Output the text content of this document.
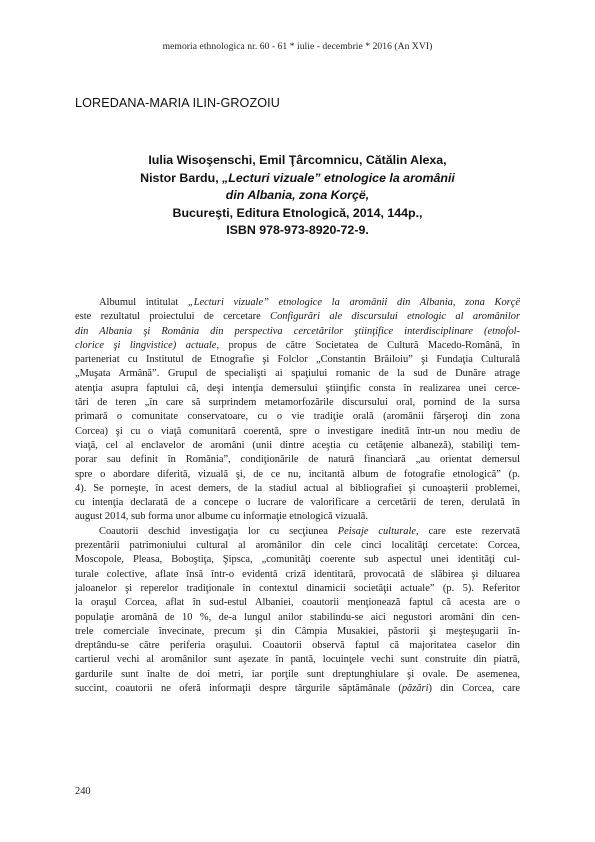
memoria ethnologica nr. 60 - 61 * iulie - decembrie * 2016 (An XVI)
LOREDANA-MARIA ILIN-GROZOIU
Iulia Wisoşenschi, Emil Ţârcomnicu, Cătălin Alexa,
Nistor Bardu, „Lecturi vizuale” etnologice la aromânii
din Albania, zona Korçë,
Bucureşti, Editura Etnologică, 2014, 144p.,
ISBN 978-973-8920-72-9.
Albumul intitulat „Lecturi vizuale” etnologice la aromânii din Albania, zona Korçë
este rezultatul proiectului de cercetare Configurări ale discursului etnologic al aromânilor
din Albania şi România din perspectiva cercetărilor ştiinţifice interdisciplinare (etnofol-
clorice şi lingvistice) actuale, propus de către Societatea de Cultură Macedo-Română, în
parteneriat cu Institutul de Etnografie şi Folclor „Constantin Brăiloiu” şi Fundaţia Culturală
„Muşata Armână”. Grupul de specialişti ai spaţiului romanic de la sud de Dunăre atrage
atenţia asupra faptului că, deşi intenţia demersului ştiinţific consta în realizarea unei cerce-
tări de teren „în care să surprindem metamorfozările discursului oral, pornind de la sursa
primară o comunitate conservatoare, cu o vie tradiţie orală (aromânii fărşeroţi din zona
Corcea) şi cu o viaţă comunitară coerentă, spre o investigare inedită într-un nou mediu de
viaţă, cel al enclavelor de aromâni (unii dintre aceştia cu cetăţenie albaneză), stabiliţi tem-
porar sau definit în România”, condiţionările de natură financiară „au orientat demersul
spre o abordare diferită, vizuală şi, de ce nu, incitantă album de fotografie etnologică” (p.
4). Se porneşte, în acest demers, de la stadiul actual al bibliografiei şi cunoaşterii problemei,
cu intenţia declarată de a concepe o lucrare de valorificare a cercetării de teren, derulată în
august 2014, sub forma unor albume cu informaţie etnologică vizuală.
Coautorii deschid investigaţia lor cu secţiunea Peisaje culturale, care este rezervată
prezentării patrimoniului cultural al aromânilor din cele cinci localităţi cercetate: Corcea,
Moscopole, Pleasa, Boboştiţa, Şipsca, „comunităţi coerente sub aspectul unei identităţi cul-
turale colective, aflate însă într-o evidentă criză identitară, provocată de slăbirea şi diluarea
jaloanelor şi reperelor tradiţionale în contextul dinamicii societăţii actuale” (p. 5). Referitor
la oraşul Corcea, aflat în sud-estul Albaniei, coautorii menţionează faptul că acesta are o
populaţie aromână de 10 %, de-a lungul anilor stabilindu-se aici negustori aromâni din cen-
trele comerciale învecinate, precum şi din Câmpia Musakiei, păstorii şi meşteşugarii în-
dreptându-se către periferia oraşului. Coautorii observă faptul că majoritatea caselor din
cartierul vechi al aromânilor sunt aşezate în pantă, locuinţele vechi sunt construite din piatră,
gardurile sunt înalte de doi metri, iar porţile sunt dreptunghiulare şi ovale. De asemenea,
succint, coautorii ne oferă informaţii despre târgurile săptămânale (păzări) din Corcea, care
240
